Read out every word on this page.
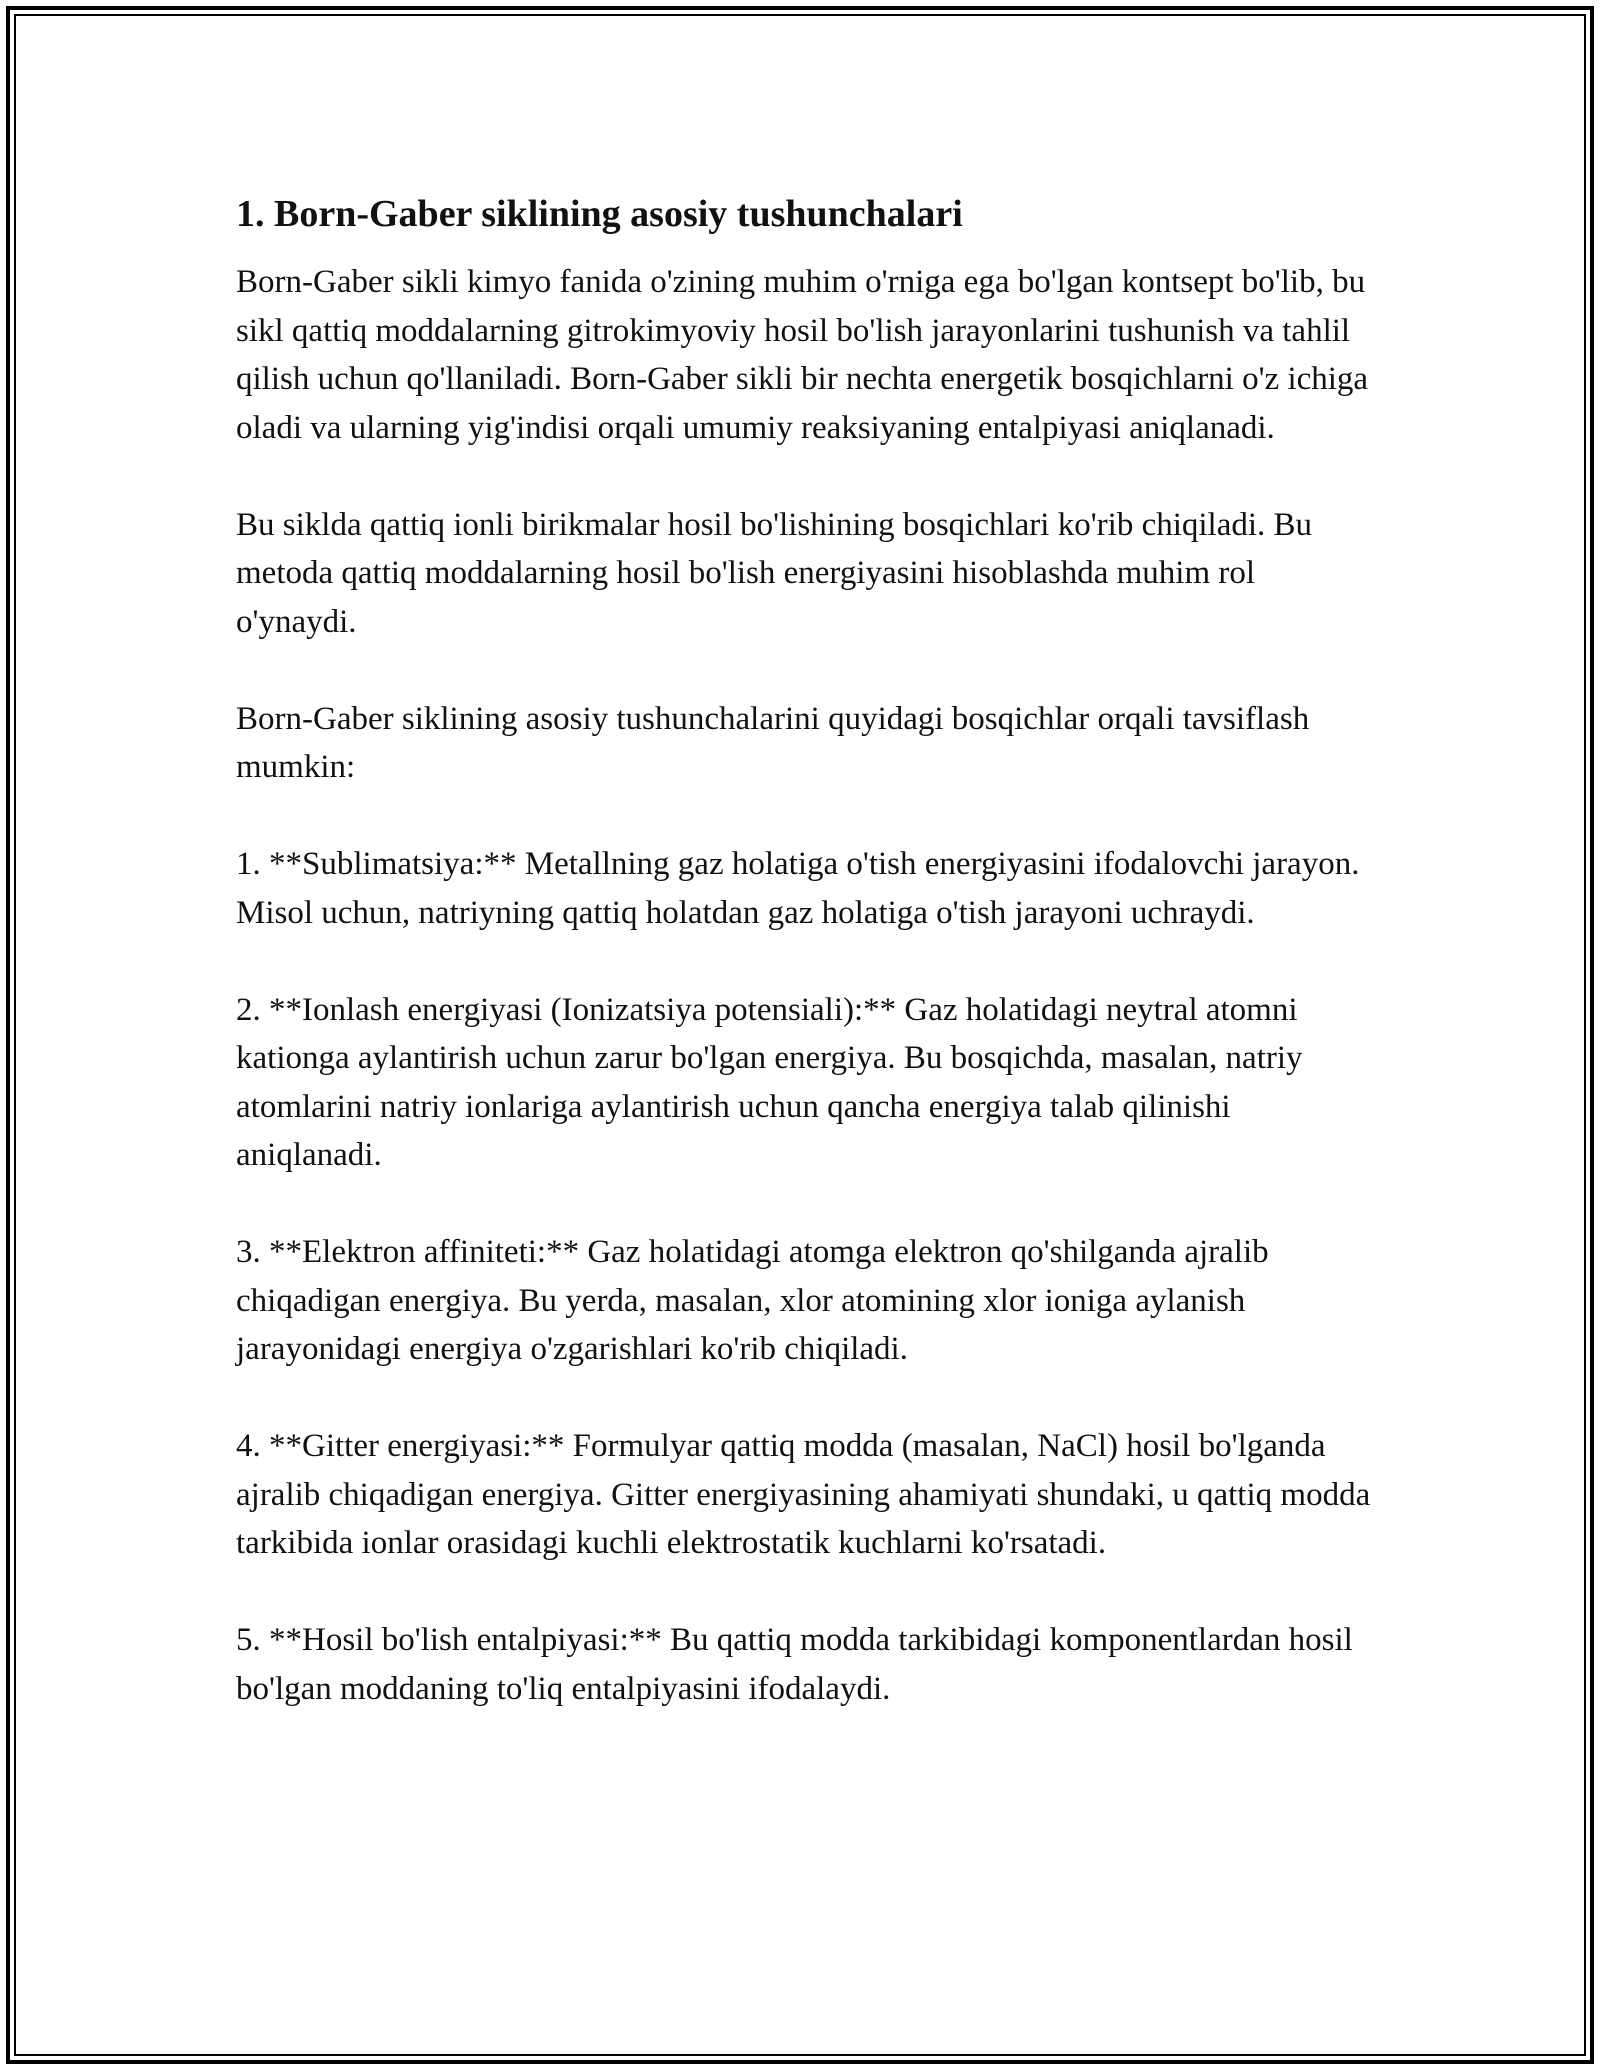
1. Born-Gaber siklining asosiy tushunchalari

Born-Gaber sikli kimyo fanida o'zining muhim o'rniga ega bo'lgan kontsept bo'lib, bu sikl qattiq moddalarning gitrokimyoviy hosil bo'lish jarayonlarini tushunish va tahlil qilish uchun qo'llaniladi. Born-Gaber sikli bir nechta energetik bosqichlarni o'z ichiga oladi va ularning yig'indisi orqali umumiy reaksiyaning entalpiyasi aniqlanadi.

Bu siklda qattiq ionli birikmalar hosil bo'lishining bosqichlari ko'rib chiqiladi. Bu metoda qattiq moddalarning hosil bo'lish energiyasini hisoblashda muhim rol o'ynaydi.

Born-Gaber siklining asosiy tushunchalarini quyidagi bosqichlar orqali tavsiflash mumkin:

1. **Sublimatsiya:** Metallning gaz holatiga o'tish energiyasini ifodalovchi jarayon. Misol uchun, natriyning qattiq holatdan gaz holatiga o'tish jarayoni uchraydi.

2. **Ionlash energiyasi (Ionizatsiya potensiali):** Gaz holatidagi neytral atomni kationga aylantirish uchun zarur bo'lgan energiya. Bu bosqichda, masalan, natriy atomlarini natriy ionlariga aylantirish uchun qancha energiya talab qilinishi aniqlanadi.

3. **Elektron affiniteti:** Gaz holatidagi atomga elektron qo'shilganda ajralib chiqadigan energiya. Bu yerda, masalan, xlor atomining xlor ioniga aylanish jarayonidagi energiya o'zgarishlari ko'rib chiqiladi.

4. **Gitter energiyasi:** Formulyar qattiq modda (masalan, NaCl) hosil bo'lganda ajralib chiqadigan energiya. Gitter energiyasining ahamiyati shundaki, u qattiq modda tarkibida ionlar orasidagi kuchli elektrostatik kuchlarni ko'rsatadi.

5. **Hosil bo'lish entalpiyasi:** Bu qattiq modda tarkibidagi komponentlardan hosil bo'lgan moddaning to'liq entalpiyasini ifodalaydi.
